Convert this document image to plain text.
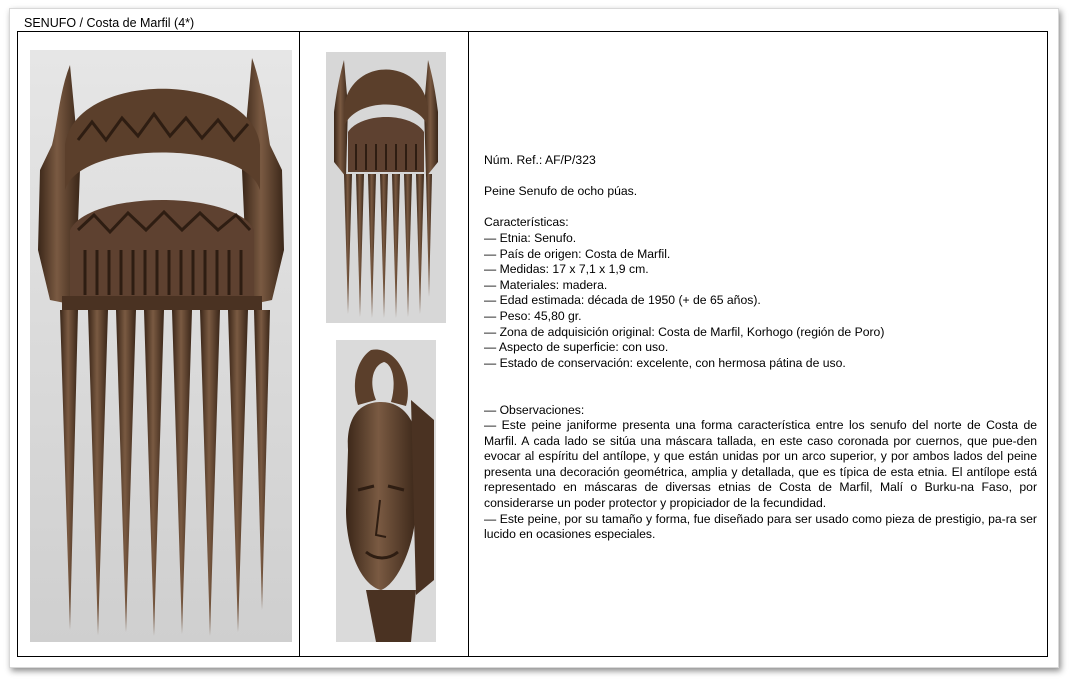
SENUFO / Costa de Marfil (4*)

Núm. Ref.: AF/P/323

Peine Senufo de ocho púas.

Características:

— Etnia: Senufo.

— País de origen: Costa de Marfil.

— Medidas: 17 x 7,1 x 1,9 cm.

— Materiales: madera.

— Edad estimada: década de 1950 (+ de 65 años).

— Peso: 45,80 gr.

— Zona de adquisición original: Costa de Marfil, Korhogo (región de Poro)

— Aspecto de superficie: con uso.

— Estado de conservación: excelente, con hermosa pátina de uso.

— Observaciones:

— Este peine janiforme presenta una forma característica entre los senufo del norte de Costa de Marfil. A cada lado se sitúa una máscara tallada, en este caso coronada por cuernos, que pue-den evocar al espíritu del antílope, y que están unidas por un arco superior, y por ambos lados del peine presenta una decoración geométrica, amplia y detallada, que es típica de esta etnia. El antílope está representado en máscaras de diversas etnias de Costa de Marfil, Malí o Burku-na Faso, por considerarse un poder protector y propiciador de la fecundidad.

— Este peine, por su tamaño y forma, fue diseñado para ser usado como pieza de prestigio, pa-ra ser lucido en ocasiones especiales.
